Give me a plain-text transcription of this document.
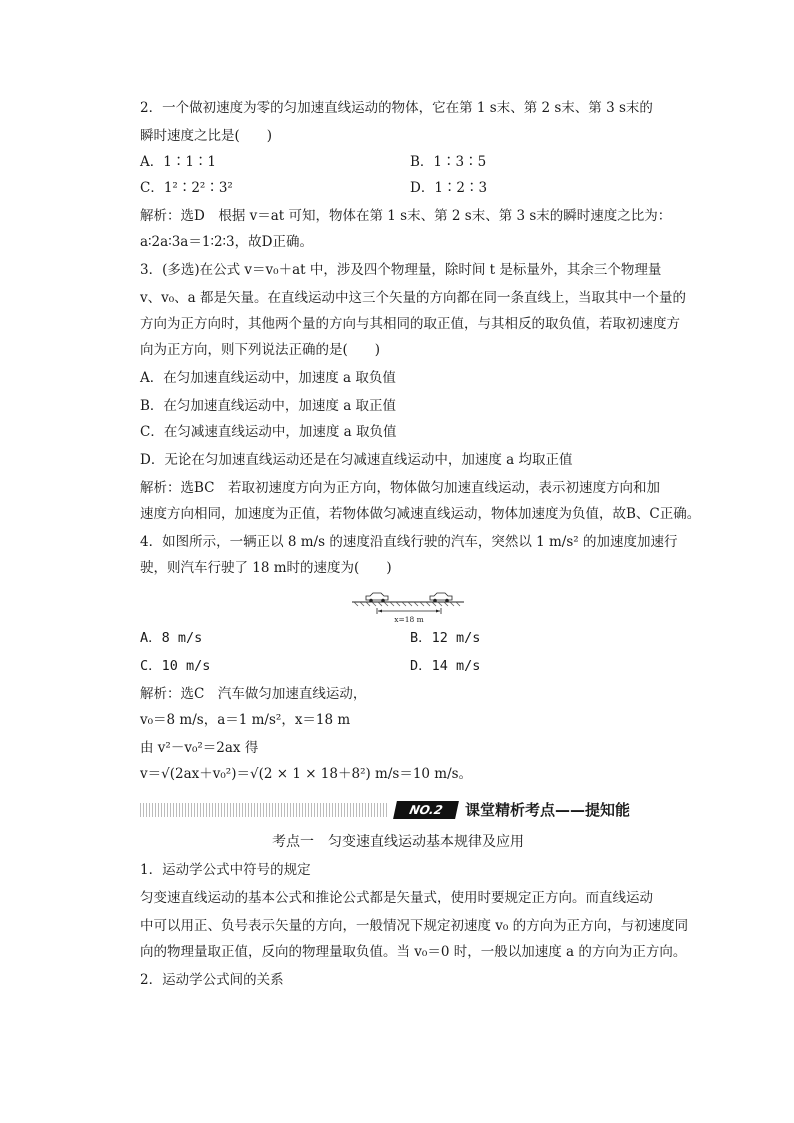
2．一个做初速度为零的匀加速直线运动的物体，它在第 1 s末、第 2 s末、第 3 s末的
瞬时速度之比是(　　)
A．1∶1∶1	B．1∶3∶5
C．1²∶2²∶3²	D．1∶2∶3
解析：选D　根据 v＝at 可知，物体在第 1 s末、第 2 s末、第 3 s末的瞬时速度之比为：
a∶2a∶3a＝1∶2∶3，故D正确。
3．(多选)在公式 v＝v₀＋at 中，涉及四个物理量，除时间 t 是标量外，其余三个物理量
v、v₀、a 都是矢量。在直线运动中这三个矢量的方向都在同一条直线上，当取其中一个量的
方向为正方向时，其他两个量的方向与其相同的取正值，与其相反的取负值，若取初速度方
向为正方向，则下列说法正确的是(　　)
A．在匀加速直线运动中，加速度 a 取负值
B．在匀加速直线运动中，加速度 a 取正值
C．在匀减速直线运动中，加速度 a 取负值
D．无论在匀加速直线运动还是在匀减速直线运动中，加速度 a 均取正值
解析：选BC　若取初速度方向为正方向，物体做匀加速直线运动，表示初速度方向和加
速度方向相同，加速度为正值，若物体做匀减速直线运动，物体加速度为负值，故B、C正确。
4．如图所示，一辆正以 8 m/s 的速度沿直线行驶的汽车，突然以 1 m/s² 的加速度加速行
驶，则汽车行驶了 18 m时的速度为(　　)
x=18 m
A．8 m/s	B．12 m/s
C．10 m/s	D．14 m/s
解析：选C　汽车做匀加速直线运动，
v₀＝8 m/s，a＝1 m/s²，x＝18 m
由 v²－v₀²＝2ax 得
v＝√(2ax＋v₀²)＝√(2 × 1 × 18＋8²) m/s＝10 m/s。
NO.2	课堂精析考点——提知能
考点一　匀变速直线运动基本规律及应用
1．运动学公式中符号的规定
匀变速直线运动的基本公式和推论公式都是矢量式，使用时要规定正方向。而直线运动
中可以用正、负号表示矢量的方向，一般情况下规定初速度 v₀ 的方向为正方向，与初速度同
向的物理量取正值，反向的物理量取负值。当 v₀＝0 时，一般以加速度 a 的方向为正方向。
2．运动学公式间的关系
